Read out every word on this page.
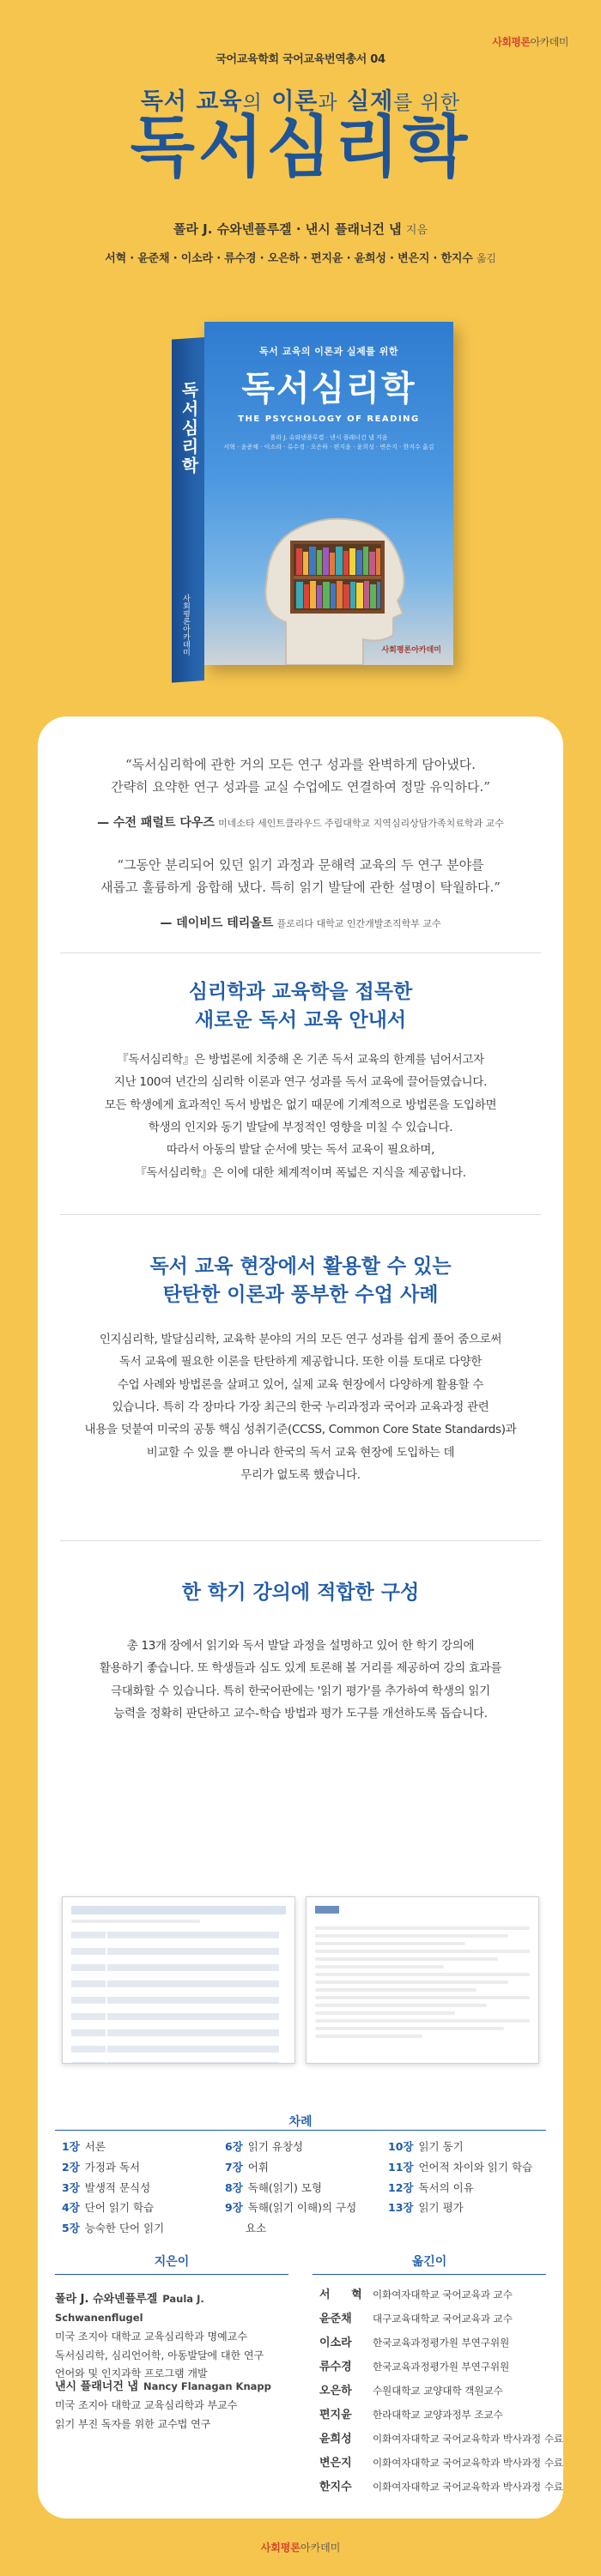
사회평론아카데미
국어교육학회 국어교육번역총서 04
독서 교육의 이론과 실제를 위한
독서심리학
폴라 J. 슈와넨플루겔 · 낸시 플래너건 냅 지음
서혁 · 윤준채 · 이소라 · 류수경 · 오은하 · 편지윤 · 윤희성 · 변은지 · 한지수 옮김
독서심리학
사회평론아카데미
독서 교육의 이론과 실제를 위한
독서심리학
THE PSYCHOLOGY OF READING
폴라 J. 슈와넨플루겔 · 낸시 플래너건 냅 지음
서혁 · 윤준채 · 이소라 · 류수경 · 오은하 · 편지윤 · 윤희성 · 변은지 · 한지수 옮김
사회평론아카데미
“독서심리학에 관한 거의 모든 연구 성과를 완벽하게 담아냈다.
간략히 요약한 연구 성과를 교실 수업에도 연결하여 정말 유익하다.”
— 수전 패럴트 다우즈 미네소타 세인트클라우드 주립대학교 지역심리상담가족치료학과 교수
“그동안 분리되어 있던 읽기 과정과 문해력 교육의 두 연구 분야를
새롭고 훌륭하게 융합해 냈다. 특히 읽기 발달에 관한 설명이 탁월하다.”
— 데이비드 테리올트 플로리다 대학교 인간개발조직학부 교수
심리학과 교육학을 접목한
새로운 독서 교육 안내서
『독서심리학』은 방법론에 치중해 온 기존 독서 교육의 한계를 넘어서고자
지난 100여 년간의 심리학 이론과 연구 성과를 독서 교육에 끌어들였습니다.
모든 학생에게 효과적인 독서 방법은 없기 때문에 기계적으로 방법론을 도입하면
학생의 인지와 동기 발달에 부정적인 영향을 미칠 수 있습니다.
따라서 아동의 발달 순서에 맞는 독서 교육이 필요하며,
『독서심리학』은 이에 대한 체계적이며 폭넓은 지식을 제공합니다.
독서 교육 현장에서 활용할 수 있는
탄탄한 이론과 풍부한 수업 사례
인지심리학, 발달심리학, 교육학 분야의 거의 모든 연구 성과를 쉽게 풀어 줌으로써
독서 교육에 필요한 이론을 탄탄하게 제공합니다. 또한 이를 토대로 다양한
수업 사례와 방법론을 살펴고 있어, 실제 교육 현장에서 다양하게 활용할 수
있습니다. 특히 각 장마다 가장 최근의 한국 누리과정과 국어과 교육과정 관련
내용을 덧붙여 미국의 공통 핵심 성취기준(CCSS, Common Core State Standards)과
비교할 수 있을 뿐 아니라 한국의 독서 교육 현장에 도입하는 데
무리가 없도록 했습니다.
한 학기 강의에 적합한 구성
총 13개 장에서 읽기와 독서 발달 과정을 설명하고 있어 한 학기 강의에
활용하기 좋습니다. 또 학생들과 심도 있게 토론해 볼 거리를 제공하여 강의 효과를
극대화할 수 있습니다. 특히 한국어판에는 '읽기 평가'를 추가하여 학생의 읽기
능력을 정확히 판단하고 교수-학습 방법과 평가 도구를 개선하도록 돕습니다.

차례
1장 서론
2장 가정과 독서
3장 발생적 문식성
4장 단어 읽기 학습
5장 능숙한 단어 읽기
6장 읽기 유창성
7장 어휘
8장 독해(읽기) 모형
9장 독해(읽기 이해)의 구성
요소
10장 읽기 동기
11장 언어적 차이와 읽기 학습
12장 독서의 이유
13장 읽기 평가
지은이
폴라 J. 슈와넨플루겔 Paula J. Schwanenflugel
미국 조지아 대학교 교육심리학과 명예교수
독서심리학, 심리언어학, 아동발달에 대한 연구
언어와 및 인지과학 프로그램 개발
낸시 플래너건 냅 Nancy Flanagan Knapp
미국 조지아 대학교 교육심리학과 부교수
읽기 부진 독자를 위한 교수법 연구
옮긴이
서 혁 이화여자대학교 국어교육과 교수
윤준채 대구교육대학교 국어교육과 교수
이소라 한국교육과정평가원 부연구위원
류수경 한국교육과정평가원 부연구위원
오은하 수원대학교 교양대학 객원교수
편지윤 한라대학교 교양과정부 조교수
윤희성 이화여자대학교 국어교육학과 박사과정 수료
변은지 이화여자대학교 국어교육학과 박사과정 수료
한지수 이화여자대학교 국어교육학과 박사과정 수료
사회평론아카데미
